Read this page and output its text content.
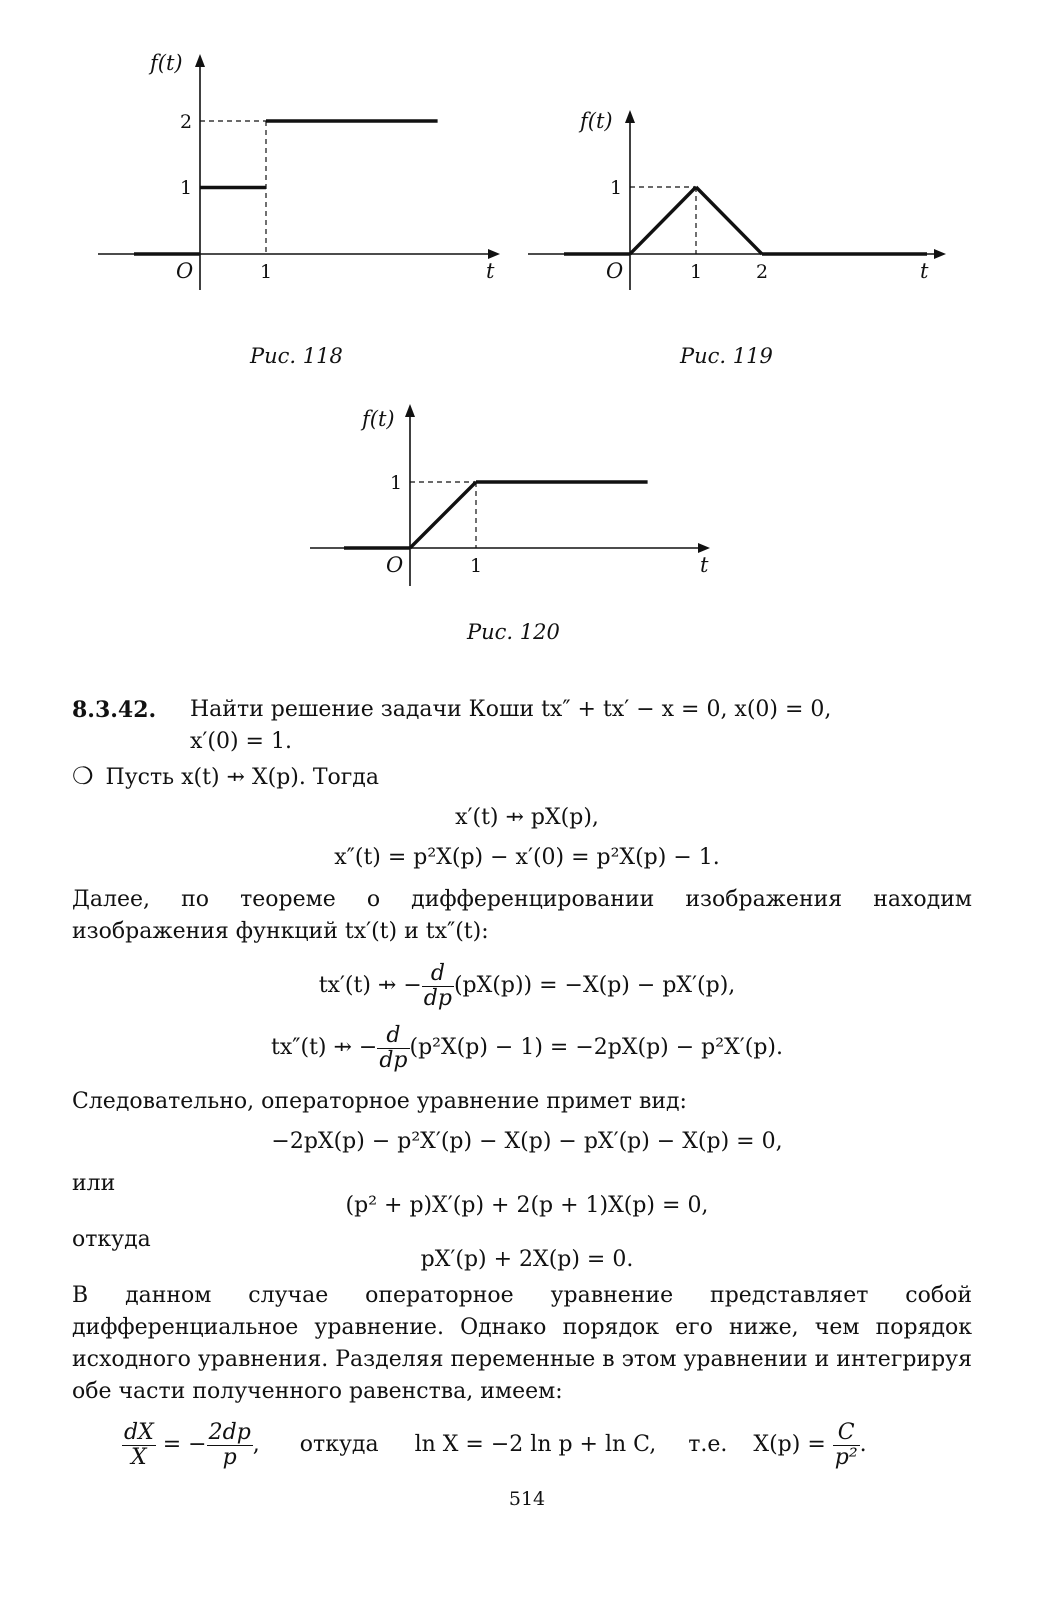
f(t)
t
O	1
2
1
Рис. 118
f(t)
t
O	1	2
1
Рис. 119
f(t)
t
O	1
1
Рис. 120
8.3.42. Найти решение задачи Коши tx″ + tx′ − x = 0, x(0) = 0,
x′(0) = 1.
❍ Пусть x(t) ⇸ X(p). Тогда
x′(t) ⇸ pX(p),
x″(t) = p²X(p) − x′(0) = p²X(p) − 1.
Далее, по теореме о дифференцировании изображения находим изображения функций tx′(t) и tx″(t):
tx′(t) ⇸ − $\frac{d}{dp} (pX(p)) = -X(p) - pX'(p)$,
tx″(t) ⇸ − $\frac{d}{dp} (p^2X(p) - 1) = -2pX(p) - p^2X'(p)$.
Следовательно, операторное уравнение примет вид:
−2pX(p) − p²X′(p) − X(p) − pX′(p) − X(p) = 0,
или
(p² + p)X′(p) + 2(p + 1)X(p) = 0,
откуда
pX′(p) + 2X(p) = 0.
В данном случае операторное уравнение представляет собой дифференциальное уравнение. Однако порядок его ниже, чем порядок исходного уравнения. Разделяя переменные в этом уравнении и интегрируя обе части полученного равенства, имеем:
$\frac{dX}{X}$ = − $\frac{2dp}{p}$ , откуда ln X = −2 ln p + ln C, т.е. $X(p) = \frac{C}{\text{p²}}$ .
514
